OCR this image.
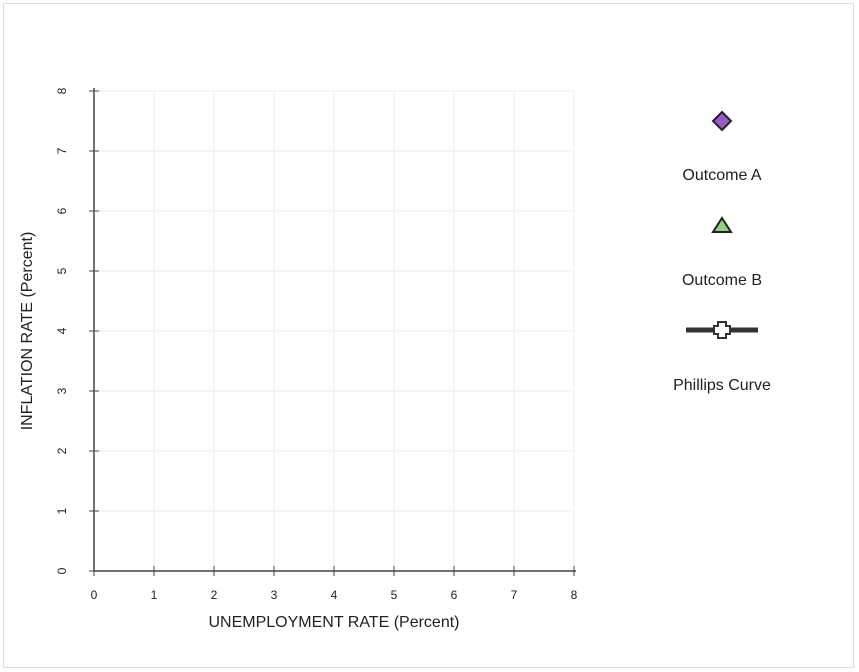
0	1	2	3	4	5	6	7	8
0
1
2
3
4
5
6
7
8
UNEMPLOYMENT RATE (Percent)
INFLATION RATE (Percent)
Outcome A
Outcome B
Phillips Curve
